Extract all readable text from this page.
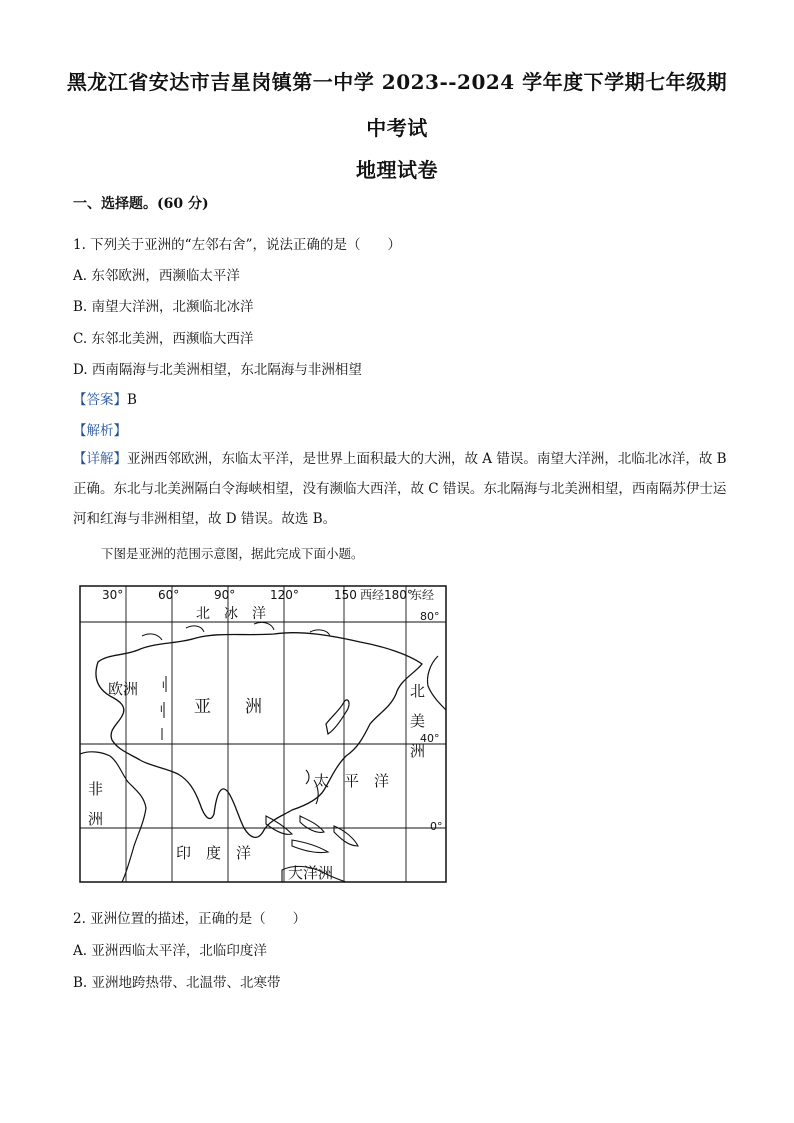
黑龙江省安达市吉星岗镇第一中学 2023--2024 学年度下学期七年级期
中考试
地理试卷
一、选择题。(60 分)
1. 下列关于亚洲的“左邻右舍”，说法正确的是（　　）
A. 东邻欧洲，西濒临太平洋
B. 南望大洋洲，北濒临北冰洋
C. 东邻北美洲，西濒临大西洋
D. 西南隔海与北美洲相望，东北隔海与非洲相望
【答案】B
【解析】
【详解】亚洲西邻欧洲，东临太平洋，是世界上面积最大的大洲，故 A 错误。南望大洋洲，北临北冰洋，故 B 正确。东北与北美洲隔白令海峡相望，没有濒临大西洋，故 C 错误。东北隔海与北美洲相望，西南隔苏伊士运河和红海与非洲相望，故 D 错误。故选 B。
下图是亚洲的范围示意图，据此完成下面小题。
I
II
30°	60°	90°	120°	150 西经180°
东经
80°
40°
0°
北　冰　洋
欧洲
亚　　洲
北
美
洲
非
洲
太　平　洋
印　度　洋
大洋洲
2. 亚洲位置的描述，正确的是（　　）
A. 亚洲西临太平洋，北临印度洋
B. 亚洲地跨热带、北温带、北寒带
